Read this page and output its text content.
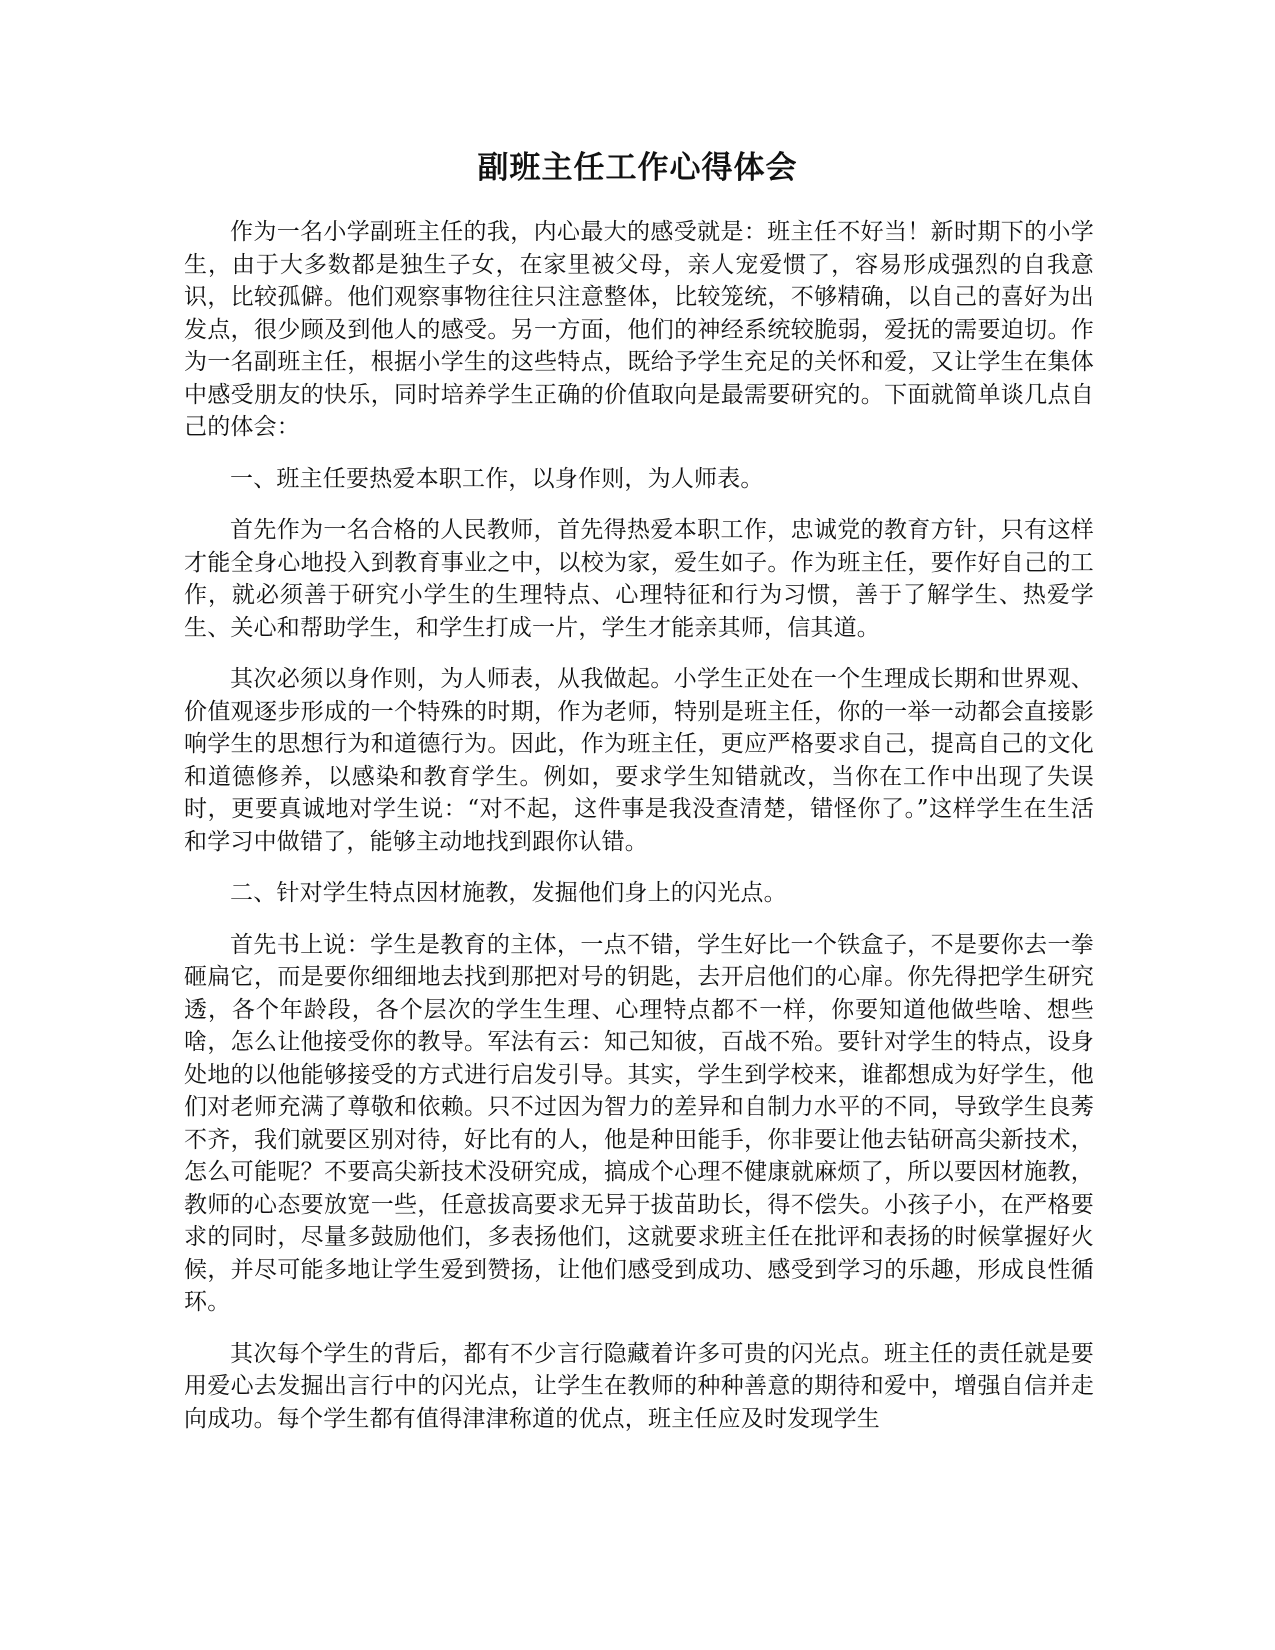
副班主任工作心得体会

作为一名小学副班主任的我，内心最大的感受就是：班主任不好当！新时期下的小学生，由于大多数都是独生子女，在家里被父母，亲人宠爱惯了，容易形成强烈的自我意识，比较孤僻。他们观察事物往往只注意整体，比较笼统，不够精确，以自己的喜好为出发点，很少顾及到他人的感受。另一方面，他们的神经系统较脆弱，爱抚的需要迫切。作为一名副班主任，根据小学生的这些特点，既给予学生充足的关怀和爱，又让学生在集体中感受朋友的快乐，同时培养学生正确的价值取向是最需要研究的。下面就简单谈几点自己的体会：

一、班主任要热爱本职工作，以身作则，为人师表。

首先作为一名合格的人民教师，首先得热爱本职工作，忠诚党的教育方针，只有这样才能全身心地投入到教育事业之中，以校为家，爱生如子。作为班主任，要作好自己的工作，就必须善于研究小学生的生理特点、心理特征和行为习惯，善于了解学生、热爱学生、关心和帮助学生，和学生打成一片，学生才能亲其师，信其道。

其次必须以身作则，为人师表，从我做起。小学生正处在一个生理成长期和世界观、价值观逐步形成的一个特殊的时期，作为老师，特别是班主任，你的一举一动都会直接影响学生的思想行为和道德行为。因此，作为班主任，更应严格要求自己，提高自己的文化和道德修养，以感染和教育学生。例如，要求学生知错就改，当你在工作中出现了失误时，更要真诚地对学生说：“对不起，这件事是我没查清楚，错怪你了。”这样学生在生活和学习中做错了，能够主动地找到跟你认错。

二、针对学生特点因材施教，发掘他们身上的闪光点。

首先书上说：学生是教育的主体，一点不错，学生好比一个铁盒子，不是要你去一拳砸扁它，而是要你细细地去找到那把对号的钥匙，去开启他们的心扉。你先得把学生研究透，各个年龄段，各个层次的学生生理、心理特点都不一样，你要知道他做些啥、想些啥，怎么让他接受你的教导。军法有云：知己知彼，百战不殆。要针对学生的特点，设身处地的以他能够接受的方式进行启发引导。其实，学生到学校来，谁都想成为好学生，他们对老师充满了尊敬和依赖。只不过因为智力的差异和自制力水平的不同，导致学生良莠不齐，我们就要区别对待，好比有的人，他是种田能手，你非要让他去钻研高尖新技术，怎么可能呢？不要高尖新技术没研究成，搞成个心理不健康就麻烦了，所以要因材施教，教师的心态要放宽一些，任意拔高要求无异于拔苗助长，得不偿失。小孩子小，在严格要求的同时，尽量多鼓励他们，多表扬他们，这就要求班主任在批评和表扬的时候掌握好火候，并尽可能多地让学生爱到赞扬，让他们感受到成功、感受到学习的乐趣，形成良性循环。

其次每个学生的背后，都有不少言行隐藏着许多可贵的闪光点。班主任的责任就是要用爱心去发掘出言行中的闪光点，让学生在教师的种种善意的期待和爱中，增强自信并走向成功。每个学生都有值得津津称道的优点，班主任应及时发现学生
